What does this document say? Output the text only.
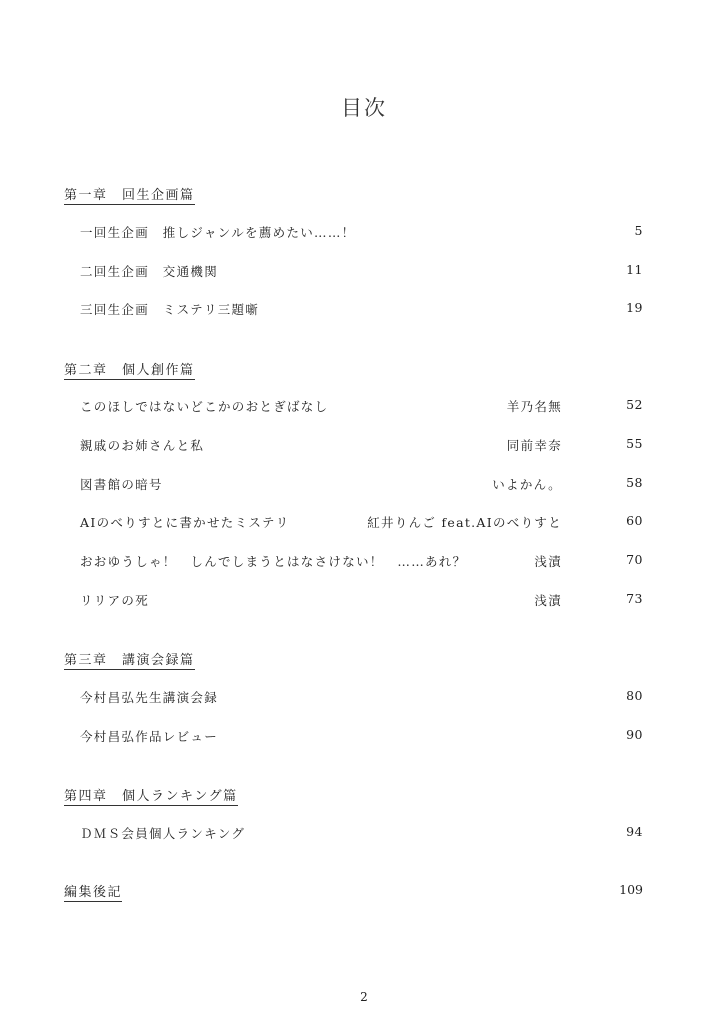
目次
第一章　回生企画篇
一回生企画　推しジャンルを薦めたい……！	5
二回生企画　交通機関	11
三回生企画　ミステリ三題噺	19
第二章　個人創作篇
このほしではないどこかのおとぎばなし	羊乃名無	52
親戚のお姉さんと私	同前幸奈	55
図書館の暗号	いよかん。	58
AIのべりすとに書かせたミステリ	紅井りんご feat.AIのべりすと	60
おおゆうしゃ！　しんでしまうとはなさけない！　……あれ？	浅漬	70
リリアの死	浅漬	73
第三章　講演会録篇
今村昌弘先生講演会録	80
今村昌弘作品レビュー	90
第四章　個人ランキング篇
ＤＭＳ会員個人ランキング	94
編集後記	109
2
